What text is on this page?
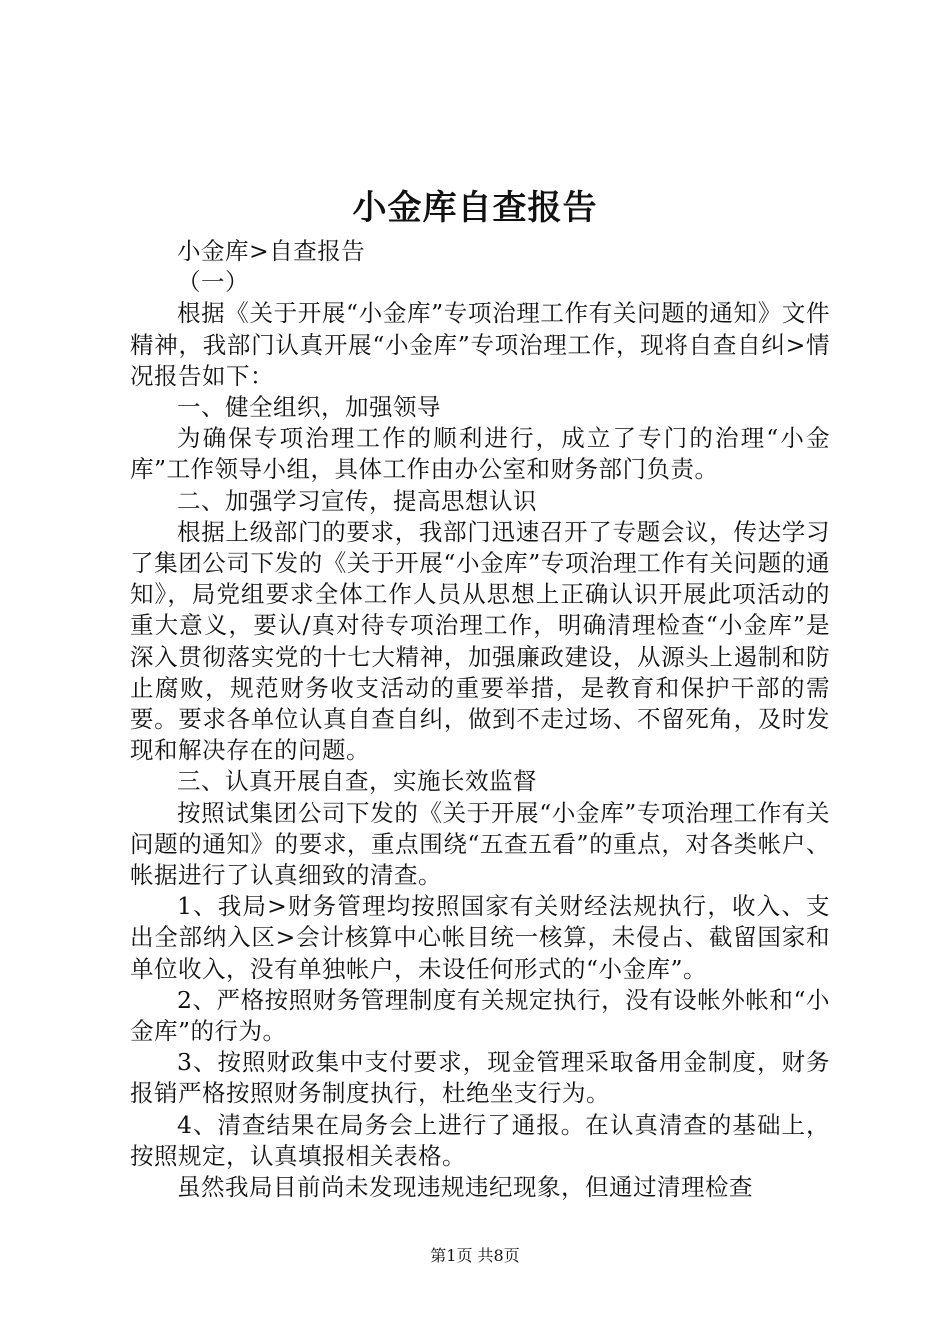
小金库自查报告

小金库>自查报告

（一）

根据《关于开展“小金库”专项治理工作有关问题的通知》文件精神，我部门认真开展“小金库”专项治理工作，现将自查自纠>情况报告如下：

一、健全组织，加强领导

为确保专项治理工作的顺利进行，成立了专门的治理“小金库”工作领导小组，具体工作由办公室和财务部门负责。

二、加强学习宣传，提高思想认识

根据上级部门的要求，我部门迅速召开了专题会议，传达学习了集团公司下发的《关于开展“小金库”专项治理工作有关问题的通知》，局党组要求全体工作人员从思想上正确认识开展此项活动的重大意义，要认/真对待专项治理工作，明确清理检查“小金库”是深入贯彻落实党的十七大精神，加强廉政建设，从源头上遏制和防止腐败，规范财务收支活动的重要举措，是教育和保护干部的需要。要求各单位认真自查自纠，做到不走过场、不留死角，及时发现和解决存在的问题。

三、认真开展自查，实施长效监督

按照试集团公司下发的《关于开展“小金库”专项治理工作有关问题的通知》的要求，重点围绕“五查五看”的重点，对各类帐户、帐据进行了认真细致的清查。

1、我局>财务管理均按照国家有关财经法规执行，收入、支出全部纳入区>会计核算中心帐目统一核算，未侵占、截留国家和单位收入，没有单独帐户，未设任何形式的“小金库”。

2、严格按照财务管理制度有关规定执行，没有设帐外帐和“小金库”的行为。

3、按照财政集中支付要求，现金管理采取备用金制度，财务报销严格按照财务制度执行，杜绝坐支行为。

4、清查结果在局务会上进行了通报。在认真清查的基础上，按照规定，认真填报相关表格。

虽然我局目前尚未发现违规违纪现象，但通过清理检查

第1页 共8页
